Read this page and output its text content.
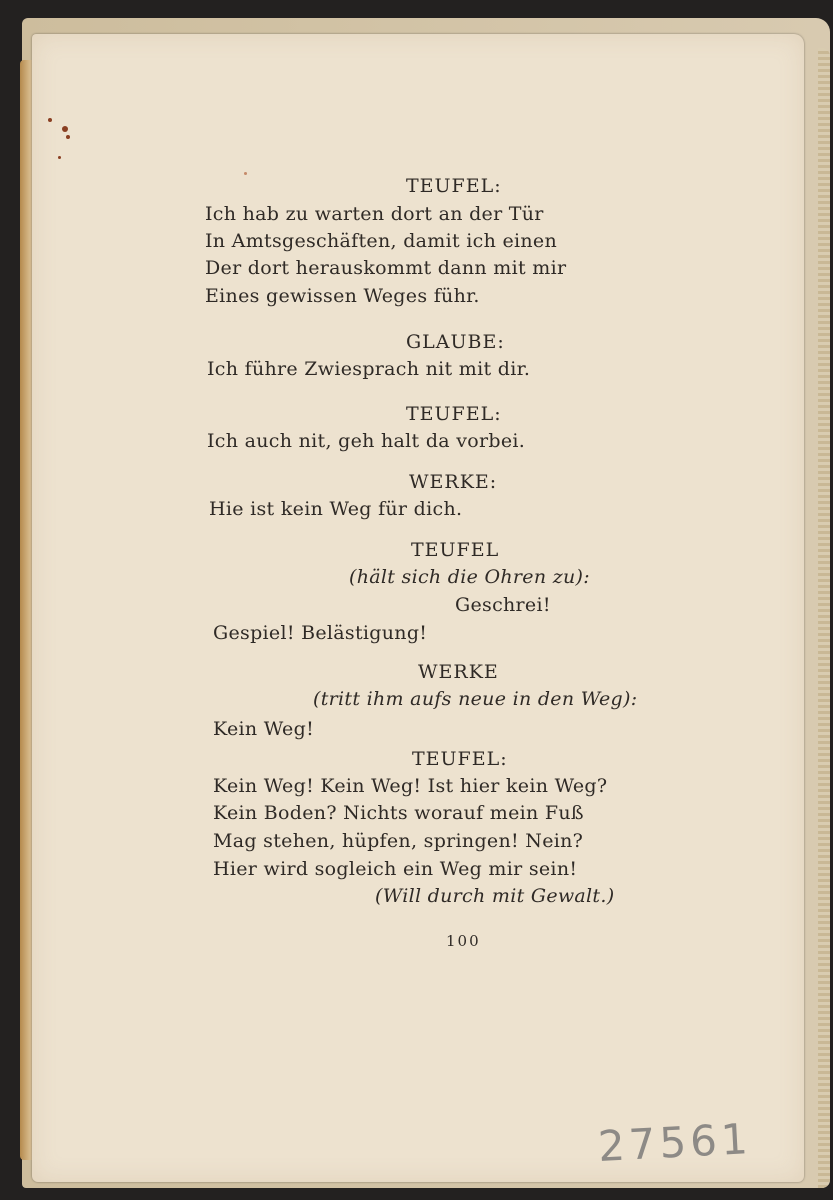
TEUFEL:
Ich hab zu warten dort an der Tür
In Amtsgeschäften, damit ich einen
Der dort herauskommt dann mit mir
Eines gewissen Weges führ.
GLAUBE:
Ich führe Zwiesprach nit mit dir.
TEUFEL:
Ich auch nit, geh halt da vorbei.
WERKE:
Hie ist kein Weg für dich.
TEUFEL
(hält sich die Ohren zu):
Geschrei!
Gespiel! Belästigung!
WERKE
(tritt ihm aufs neue in den Weg):
Kein Weg!
TEUFEL:
Kein Weg! Kein Weg! Ist hier kein Weg?
Kein Boden? Nichts worauf mein Fuß
Mag stehen, hüpfen, springen! Nein?
Hier wird sogleich ein Weg mir sein!
(Will durch mit Gewalt.)
100
27561
